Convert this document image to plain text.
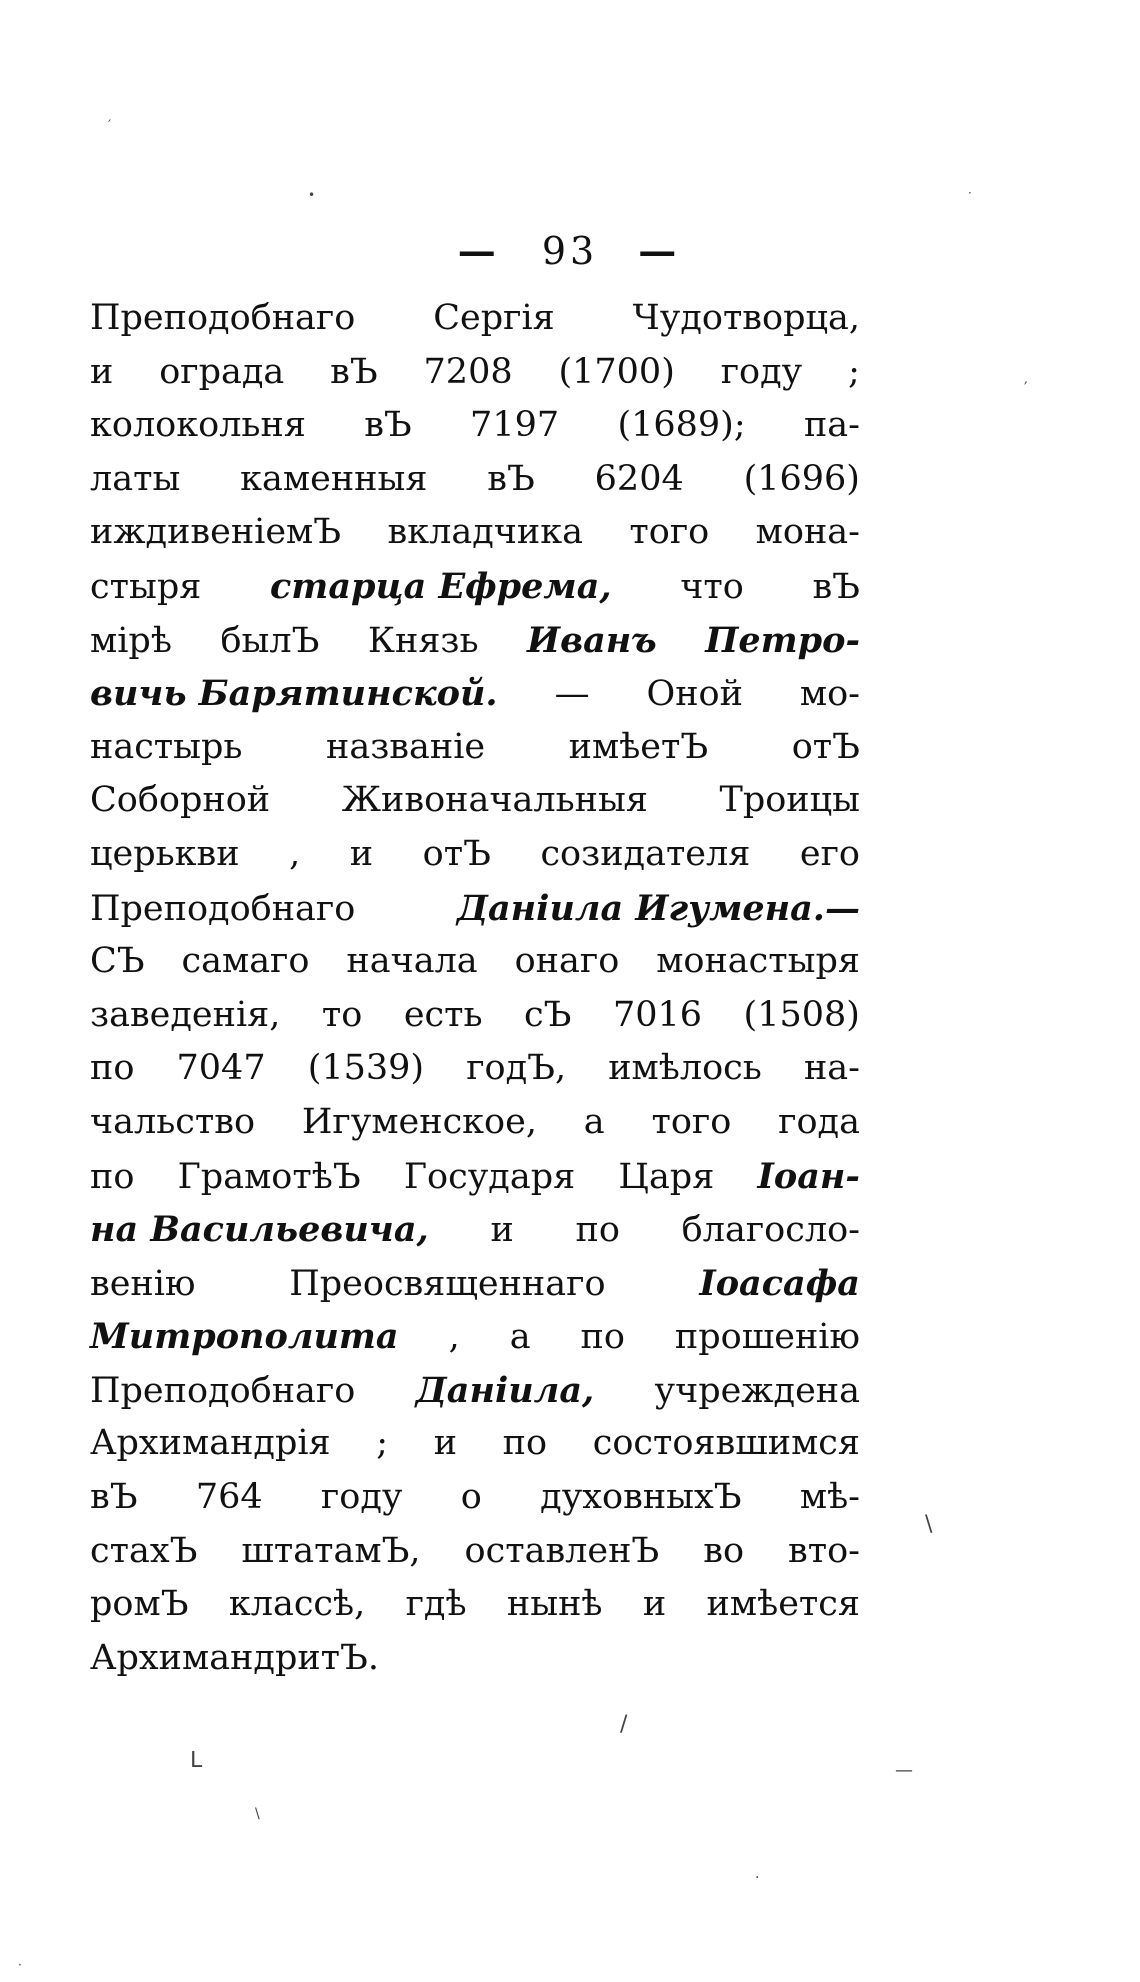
— 93 —
Преподобнаго Сергія Чудотворца,
и ограда вЪ 7208 (1700) году ;
колокольня вЪ 7197 (1689); па-
латы каменныя вЪ 6204 (1696)
иждивеніемЪ вкладчика того мона-
стыря старца Ефрема, что вЪ
мірѣ былЪ Князь Иванъ Петро-
вичь Барятинской. — Оной мо-
настырь названіе имѣетЪ отЪ
Соборной Живоначальныя Троицы
церькви , и отЪ созидателя его
Преподобнаго	Даніила Игумена.—
СЪ самаго начала онаго монастыря
заведенія, то есть сЪ 7016 (1508)
по 7047 (1539) годЪ, имѣлось на-
чальство Игуменское, а того года
по ГрамотѣЪ Государя Царя Іоан-
на Васильевича, и по благосло-
венію	Преосвященнаго	Іоасафа
Митрополита , а по прошенію
Преподобнаго Даніила, учреждена
Архимандрія ; и по состоявшимся
вЪ 764 году о духовныхЪ мѣ-
стахЪ штатамЪ, оставленЪ во вто-
ромЪ классѣ, гдѣ нынѣ и имѣется
АрхимандритЪ.
′
•	·
′
\
/
ᒪ	—
\
·
·
